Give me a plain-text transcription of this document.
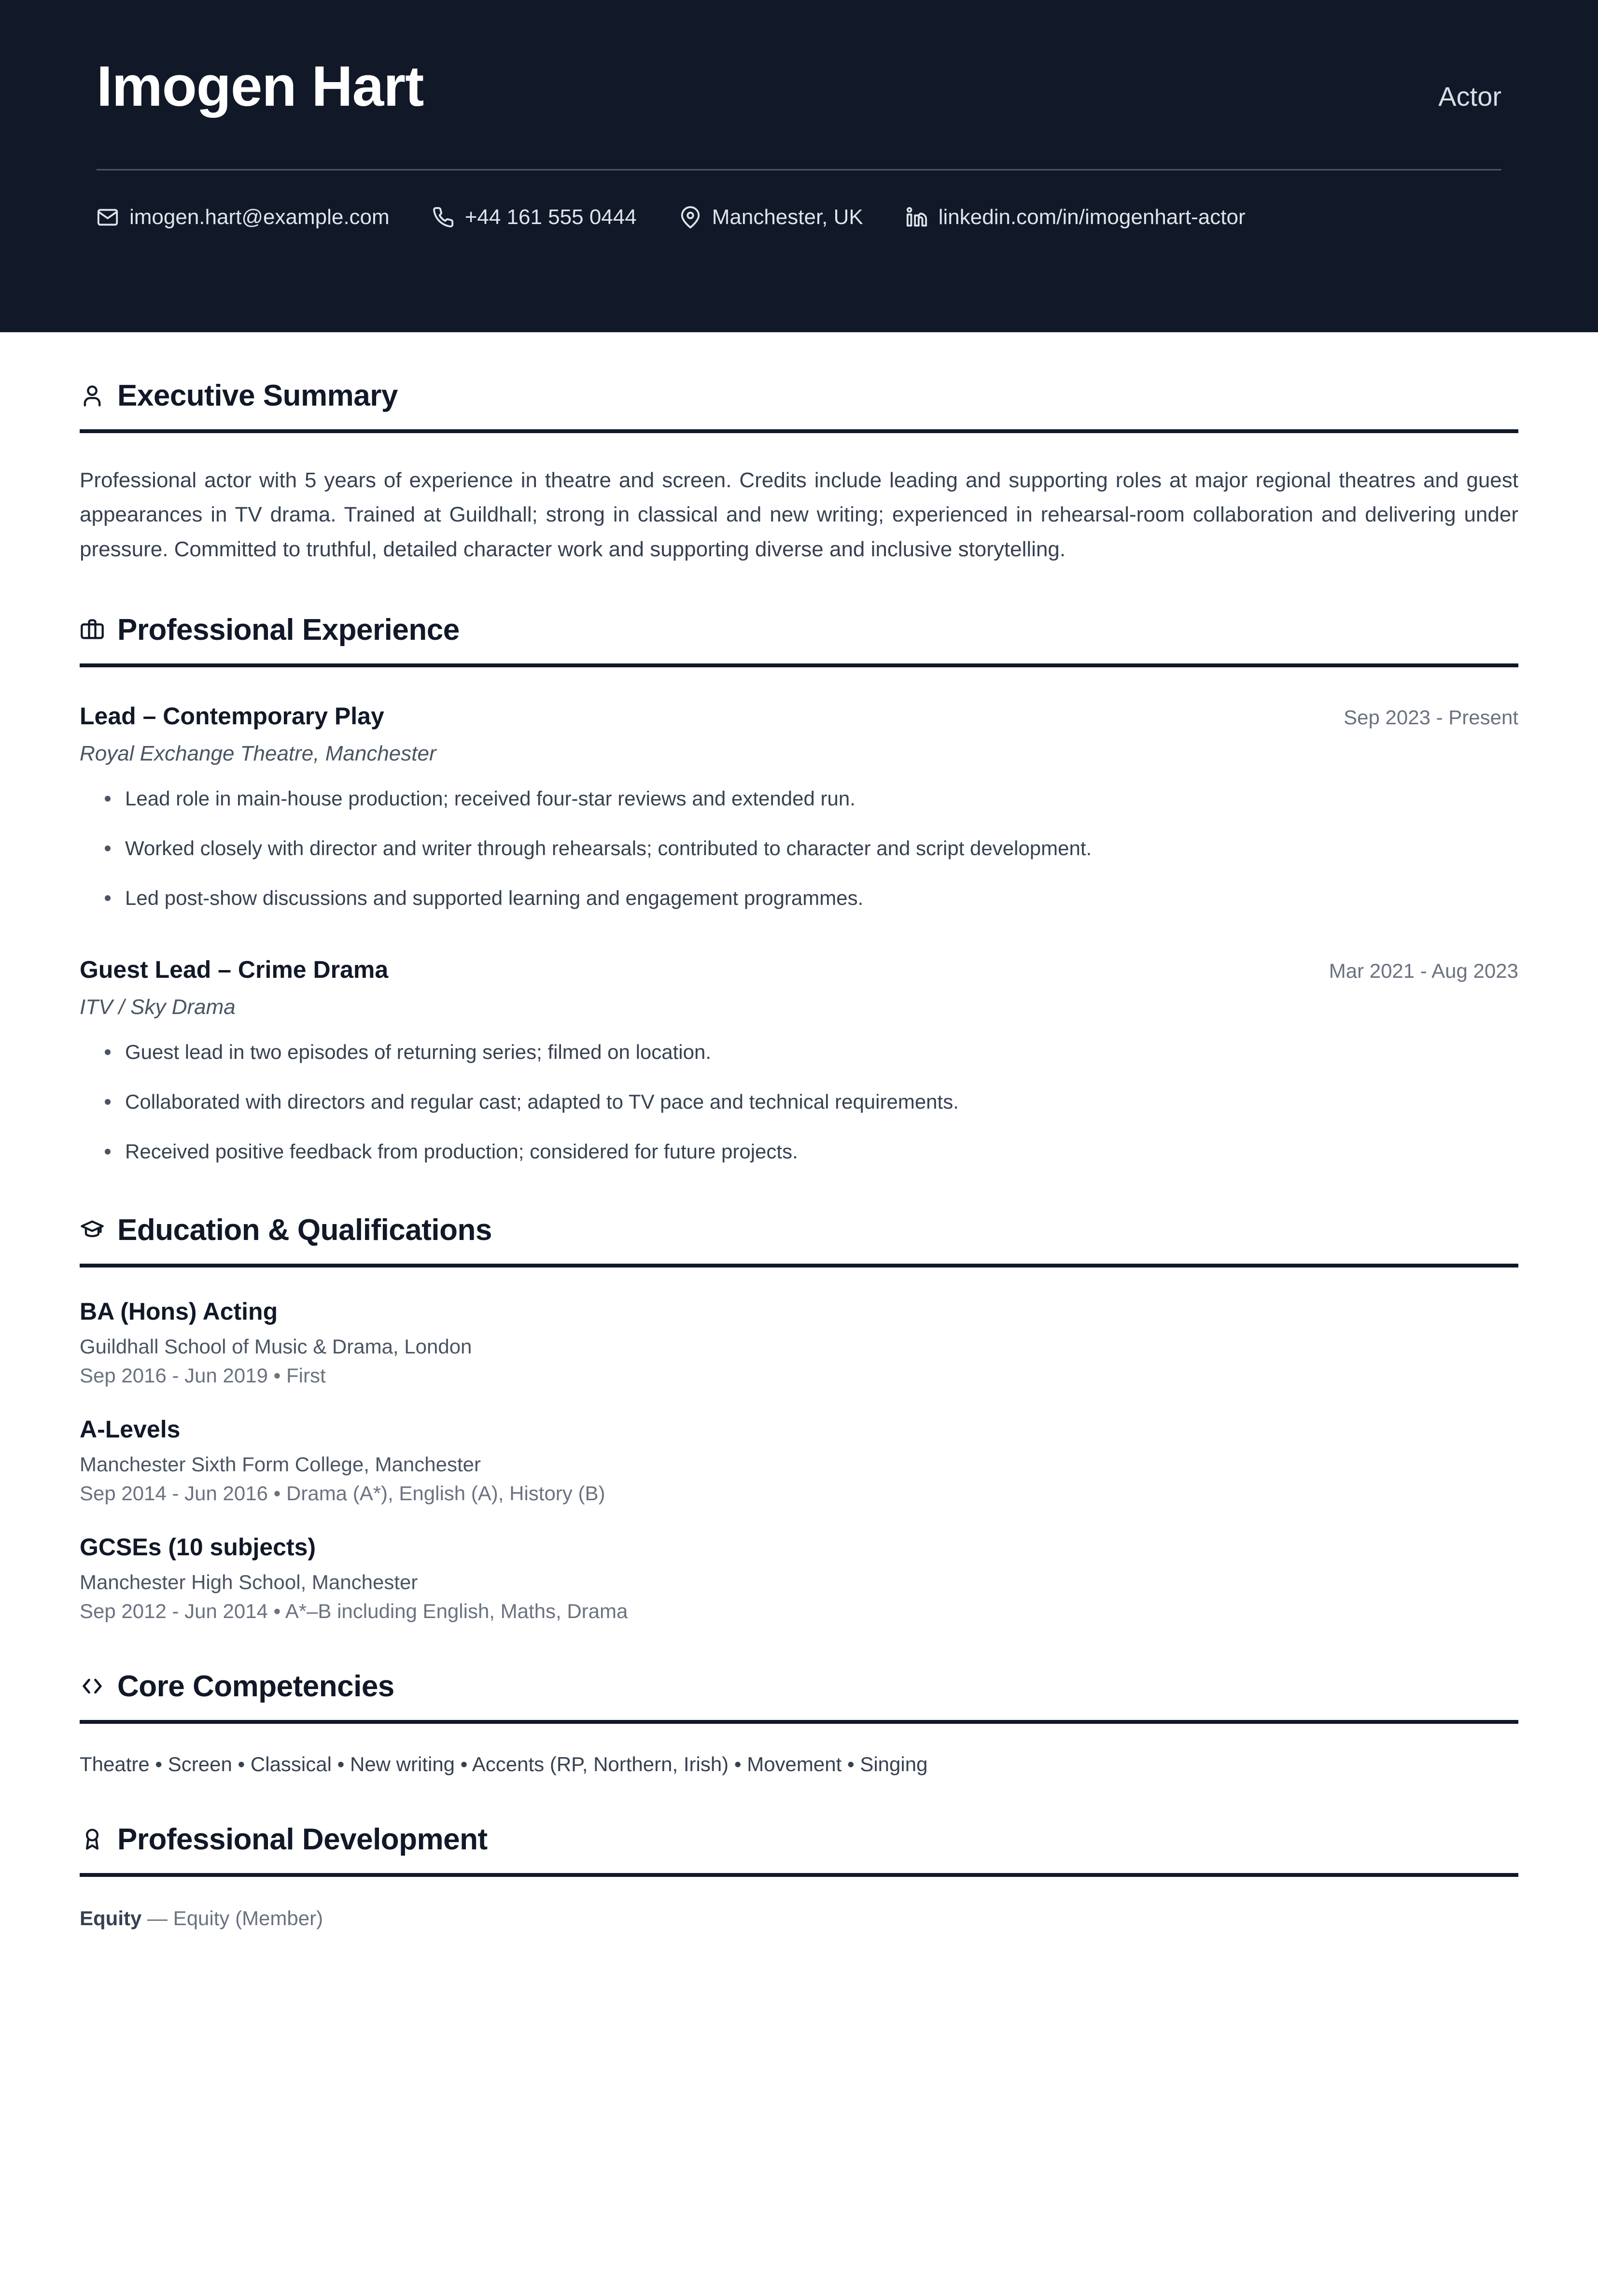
Imogen Hart	Actor
imogen.hart@example.com	+44 161 555 0444	Manchester, UK	linkedin.com/in/imogenhart-actor
Executive Summary

Professional actor with 5 years of experience in theatre and screen. Credits include leading and supporting roles at major regional theatres and guest appearances in TV drama. Trained at Guildhall; strong in classical and new writing; experienced in rehearsal-room collaboration and delivering under pressure. Committed to truthful, detailed character work and supporting diverse and inclusive storytelling.

Professional Experience
Lead – Contemporary Play	Sep 2023 - Present
Royal Exchange Theatre, Manchester
Lead role in main-house production; received four-star reviews and extended run.
Worked closely with director and writer through rehearsals; contributed to character and script development.
Led post-show discussions and supported learning and engagement programmes.
Guest Lead – Crime Drama	Mar 2021 - Aug 2023
ITV / Sky Drama
Guest lead in two episodes of returning series; filmed on location.
Collaborated with directors and regular cast; adapted to TV pace and technical requirements.
Received positive feedback from production; considered for future projects.
Education & Qualifications
BA (Hons) Acting
Guildhall School of Music & Drama, London
Sep 2016 - Jun 2019 • First
A-Levels
Manchester Sixth Form College, Manchester
Sep 2014 - Jun 2016 • Drama (A*), English (A), History (B)
GCSEs (10 subjects)
Manchester High School, Manchester
Sep 2012 - Jun 2014 • A*–B including English, Maths, Drama
Core Competencies
Theatre • Screen • Classical • New writing • Accents (RP, Northern, Irish) • Movement • Singing
Professional Development
Equity — Equity (Member)
